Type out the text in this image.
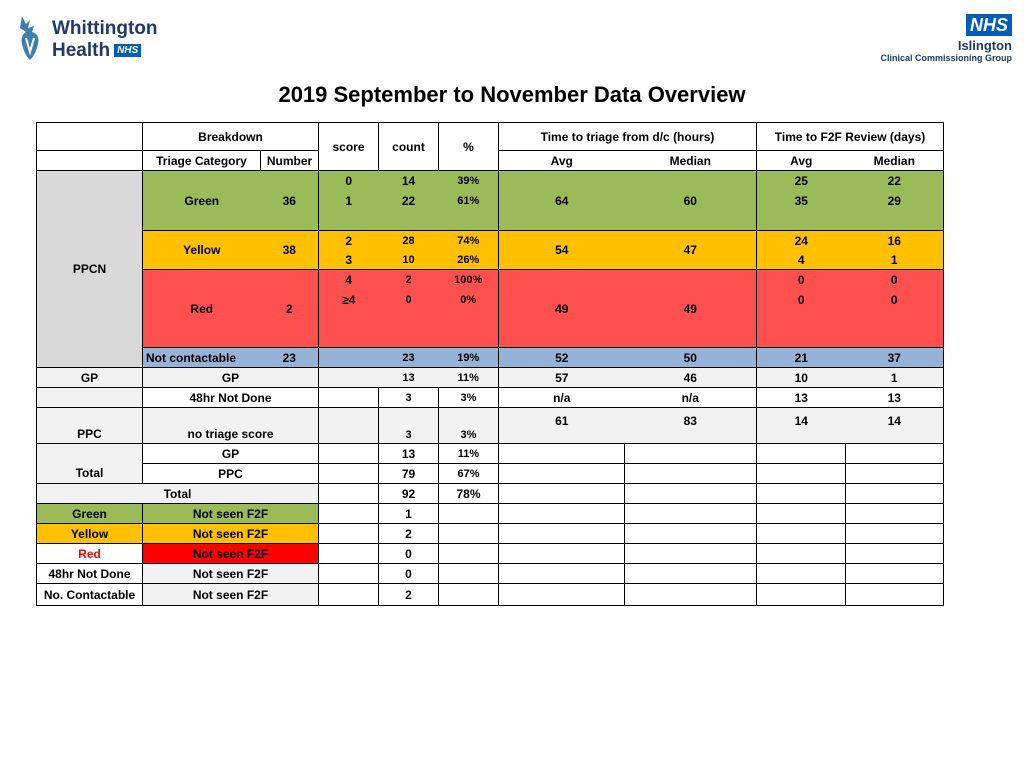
Whittington
Health NHS
NHS
Islington
Clinical Commissioning Group
2019 September to November Data Overview
	Breakdown		score	count	%	Time to triage from d/c (hours)		Time to F2F Review (days)	
	Triage Category	Number				Avg	Median	Avg	Median
PPCN	Green	36	0	14	39%	64	60	25	22
			1	22	61%			35	29

	Yellow	38	2	28	74%	54	47	24	16
			3	10	26%			4	1
	Red	2	4	2	100%	49	49	0	0
			≥4	0	0%			0	0

	Not contactable	23		23	19%	52	50	21	37
GP	GP			13	11%	57	46	10	1
	48hr Not Done			3	3%	n/a	n/a	13	13
PPC	no triage score			3	3%	61	83	14	14
	GP			13	11%				
Total	PPC			79	67%				
Total				92	78%				
Green	Not seen F2F			1					
Yellow	Not seen F2F			2					
Red	Not seen F2F			0					
48hr Not Done	Not seen F2F			0					
No. Contactable	Not seen F2F			2					
